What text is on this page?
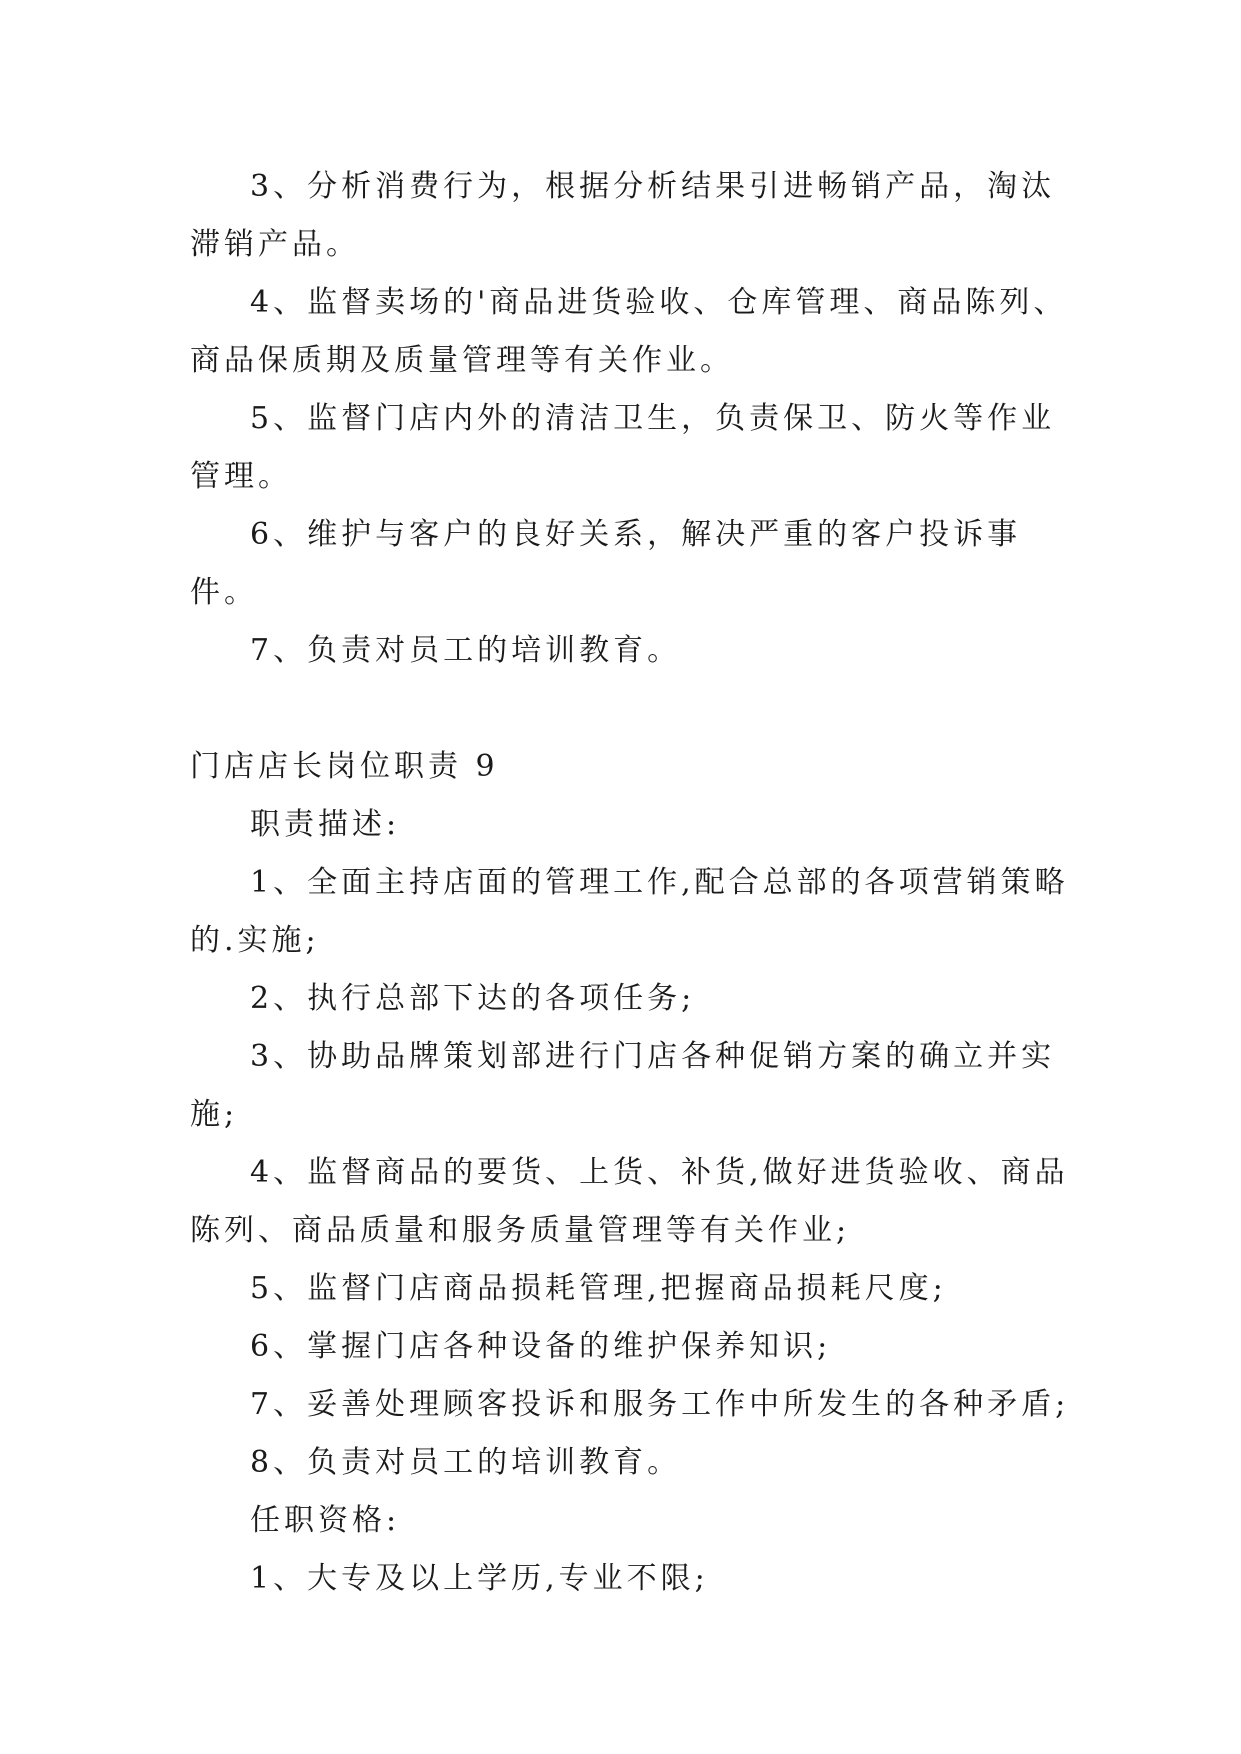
3、分析消费行为，根据分析结果引进畅销产品，淘汰滞销产品。

4、监督卖场的'商品进货验收、仓库管理、商品陈列、商品保质期及质量管理等有关作业。

5、监督门店内外的清洁卫生，负责保卫、防火等作业管理。

6、维护与客户的良好关系，解决严重的客户投诉事件。

7、负责对员工的培训教育。

门店店长岗位职责 9

职责描述:

1、全面主持店面的管理工作,配合总部的各项营销策略的.实施;

2、执行总部下达的各项任务;

3、协助品牌策划部进行门店各种促销方案的确立并实施;

4、监督商品的要货、上货、补货,做好进货验收、商品陈列、商品质量和服务质量管理等有关作业;

5、监督门店商品损耗管理,把握商品损耗尺度;

6、掌握门店各种设备的维护保养知识;

7、妥善处理顾客投诉和服务工作中所发生的各种矛盾;

8、负责对员工的培训教育。

任职资格:

1、大专及以上学历,专业不限;
